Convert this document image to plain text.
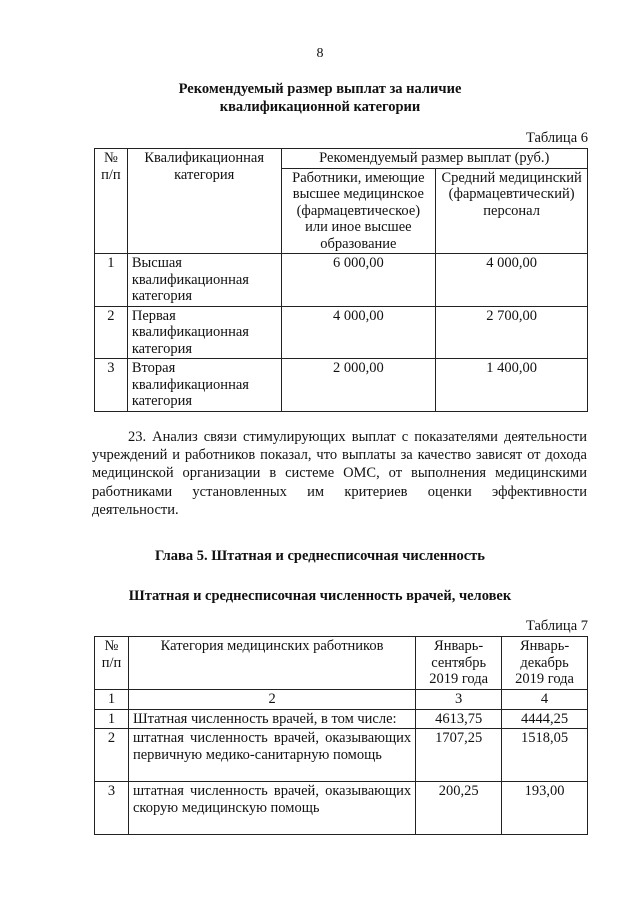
8
Рекомендуемый размер выплат за наличие
квалификационной категории
Таблица 6
№ п/п	Квалификационная категория	Рекомендуемый размер выплат (руб.)	
		Работники, имеющие высшее медицинское (фармацевтическое) или иное высшее образование	Средний медицинский (фармацевтический) персонал
1	Высшая квалификационная категория	6 000,00	4 000,00
2	Первая квалификационная категория	4 000,00	2 700,00
3	Вторая квалификационная категория	2 000,00	1 400,00

23. Анализ связи стимулирующих выплат с показателями деятельности учреждений и работников показал, что выплаты за качество зависят от дохода медицинской организации в системе ОМС, от выполнения медицинскими работниками установленных им критериев оценки эффективности деятельности.

Глава 5. Штатная и среднесписочная численность
Штатная и среднесписочная численность врачей, человек
Таблица 7
№ п/п	Категория медицинских работников	Январь-сентябрь 2019 года	Январь-декабрь 2019 года
1	2	3	4
1	Штатная численность врачей, в том числе:	4613,75	4444,25
2	штатная численность врачей, оказывающих первичную медико-санитарную помощь	1707,25	1518,05
3	штатная численность врачей, оказывающих скорую медицинскую помощь	200,25	193,00
